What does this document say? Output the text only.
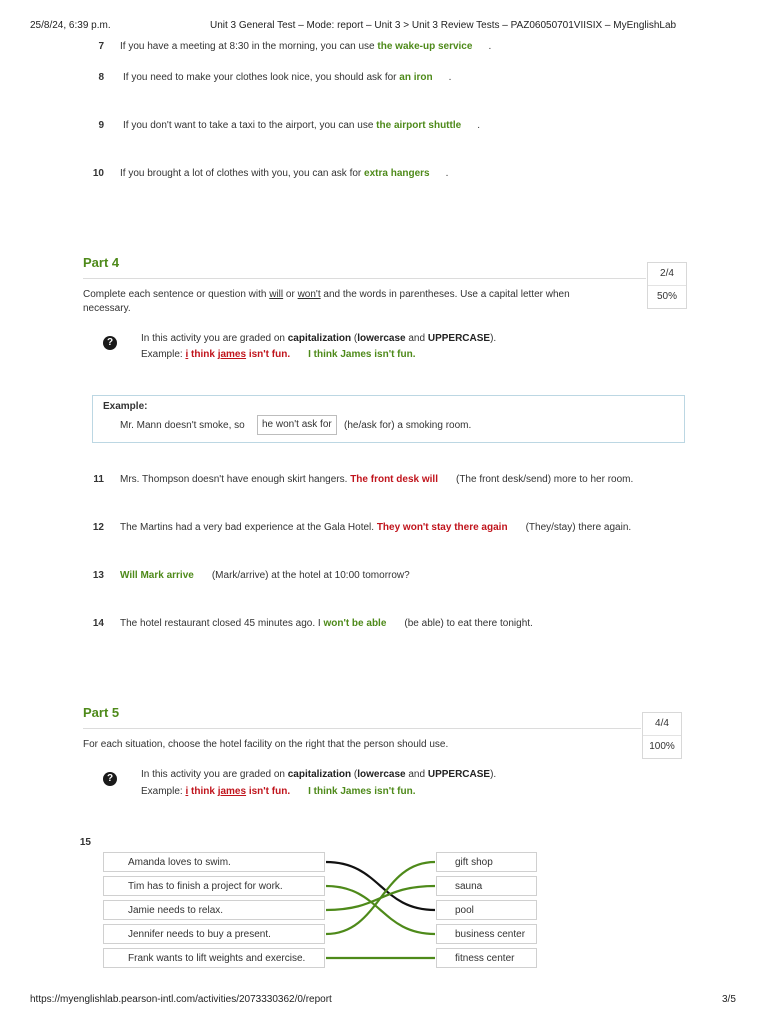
25/8/24, 6:39 p.m.	Unit 3 General Test – Mode: report – Unit 3 > Unit 3 Review Tests – PAZ06050701VIISIX – MyEnglishLab
7 If you have a meeting at 8:30 in the morning, you can use the wake-up service .
8 If you need to make your clothes look nice, you should ask for an iron .
9 If you don't want to take a taxi to the airport, you can use the airport shuttle .
10 If you brought a lot of clothes with you, you can ask for extra hangers .
Part 4
2/4
50%
Complete each sentence or question with will or won't and the words in parentheses. Use a capital letter when necessary.
?	In this activity you are graded on capitalization (lowercase and UPPERCASE).
Example: i think james isn't fun. I think James isn't fun.
Example:
Mr. Mann doesn't smoke, so	he won't ask for	(he/ask for) a smoking room.
11 Mrs. Thompson doesn't have enough skirt hangers. The front desk will (The front desk/send) more to her room.
12 The Martins had a very bad experience at the Gala Hotel. They won't stay there again (They/stay) there again.
13 Will Mark arrive (Mark/arrive) at the hotel at 10:00 tomorrow?
14 The hotel restaurant closed 45 minutes ago. I won't be able (be able) to eat there tonight.
Part 5
4/4
100%
For each situation, choose the hotel facility on the right that the person should use.
?	In this activity you are graded on capitalization (lowercase and UPPERCASE).
Example: i think james isn't fun. I think James isn't fun.
15
Amanda loves to swim.
Tim has to finish a project for work.
Jamie needs to relax.
Jennifer needs to buy a present.
Frank wants to lift weights and exercise.
gift shop
sauna
pool
business center
fitness center
https://myenglishlab.pearson-intl.com/activities/2073330362/0/report	3/5
